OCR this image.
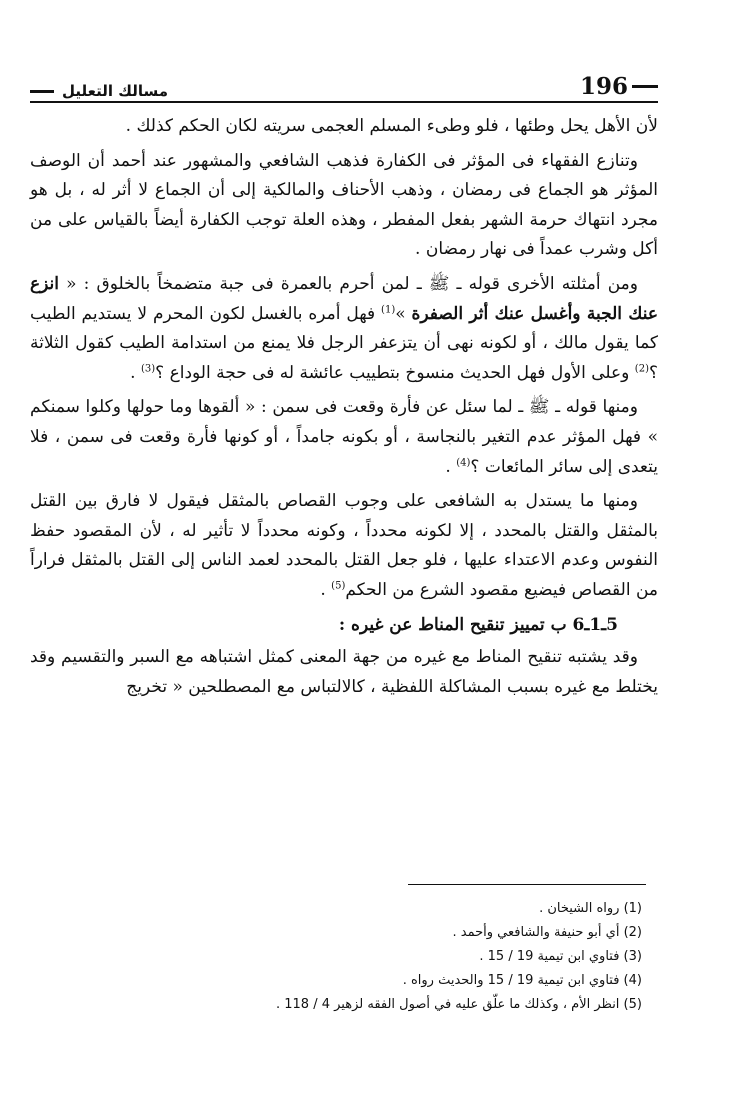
196
مسالك التعليل

لأن الأهل يحل وطئها ، فلو وطىء المسلم العجمى سريته لكان الحكم كذلك .

وتنازع الفقهاء فى المؤثر فى الكفارة فذهب الشافعي والمشهور عند أحمد أن الوصف المؤثر هو الجماع فى رمضان ، وذهب الأحناف والمالكية إلى أن الجماع لا أثر له ، بل هو مجرد انتهاك حرمة الشهر بفعل المفطر ، وهذه العلة توجب الكفارة أيضاً بالقياس على من أكل وشرب عمداً فى نهار رمضان .

ومن أمثلته الأخرى قوله ـ ﷺ ـ لمن أحرم بالعمرة فى جبة متضمخاً بالخلوق : « انزع عنك الجبة وأغسل عنك أثر الصفرة »$^{(1)}$ فهل أمره بالغسل لكون المحرم لا يستديم الطيب كما يقول مالك ، أو لكونه نهى أن يتزعفر الرجل فلا يمنع من استدامة الطيب كقول الثلاثة ؟$^{(2)}$ وعلى الأول فهل الحديث منسوخ بتطييب عائشة له فى حجة الوداع ؟$^{(3)}$ .

ومنها قوله ـ ﷺ ـ لما سئل عن فأرة وقعت فى سمن : « ألقوها وما حولها وكلوا سمنكم » فهل المؤثر عدم التغير بالنجاسة ، أو بكونه جامداً ، أو كونها فأرة وقعت فى سمن ، فلا يتعدى إلى سائر المائعات ؟$^{(4)}$ .

ومنها ما يستدل به الشافعى على وجوب القصاص بالمثقل فيقول لا فارق بين القتل بالمثقل والقتل بالمحدد ، إلا لكونه محدداً ، وكونه محدداً لا تأثير له ، لأن المقصود حفظ النفوس وعدم الاعتداء عليها ، فلو جعل القتل بالمحدد لعمد الناس إلى القتل بالمثقل فراراً من القصاص فيضيع مقصود الشرع من الحكم$^{(5)}$ .

5ـ1ـ6 ب تمييز تنقيح المناط عن غيره :

وقد يشتبه تنقيح المناط مع غيره من جهة المعنى كمثل اشتباهه مع السبر والتقسيم وقد يختلط مع غيره بسبب المشاكلة اللفظية ، كالالتباس مع المصطلحين « تخريج

(1) رواه الشيخان .
(2) أي أبو حنيفة والشافعي وأحمد .
(3) فتاوي ابن تيمية 19 / 15 .
(4) فتاوي ابن تيمية 19 / 15 والحديث رواه .
(5) انظر الأم ، وكذلك ما علّق عليه في أصول الفقه لزهير 4 / 118 .
